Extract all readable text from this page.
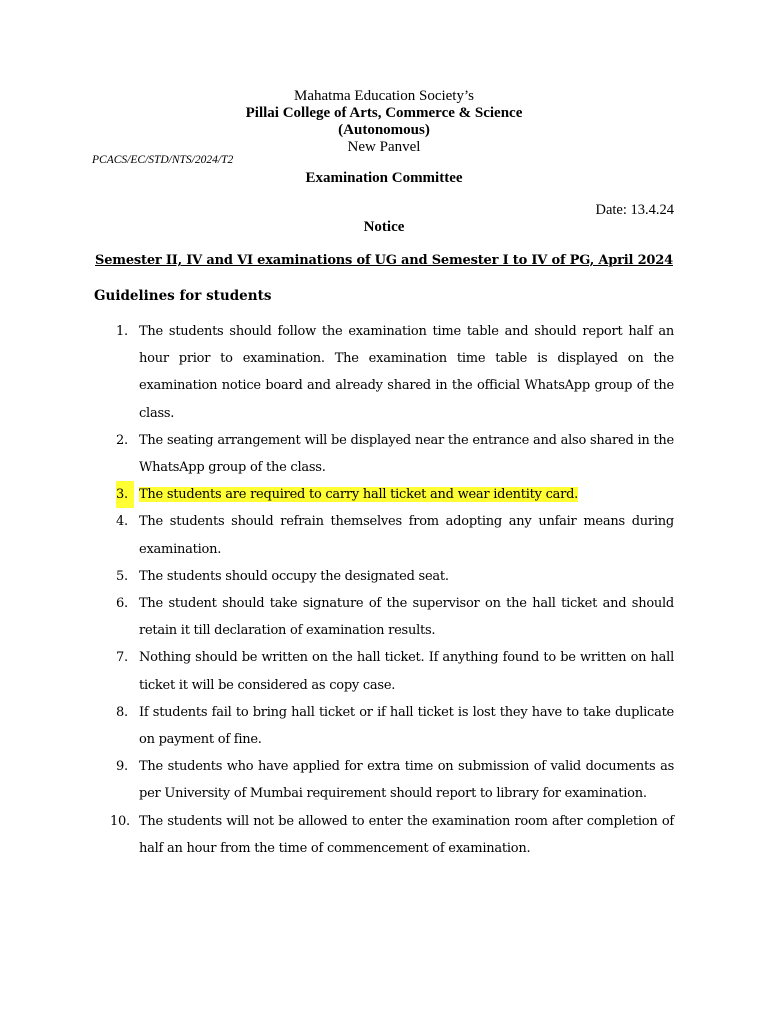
Mahatma Education Society’s
Pillai College of Arts, Commerce & Science
(Autonomous)
New Panvel
PCACS/EC/STD/NTS/2024/T2
Examination Committee
Date: 13.4.24
Notice
Semester II, IV and VI examinations of UG and Semester I to IV of PG, April 2024
Guidelines for students
1. The students should follow the examination time table and should report half an hour prior to examination. The examination time table is displayed on the examination notice board and already shared in the official WhatsApp group of the class.
2. The seating arrangement will be displayed near the entrance and also shared in the WhatsApp group of the class.
3. The students are required to carry hall ticket and wear identity card.
4. The students should refrain themselves from adopting any unfair means during examination.
5. The students should occupy the designated seat.
6. The student should take signature of the supervisor on the hall ticket and should retain it till declaration of examination results.
7. Nothing should be written on the hall ticket. If anything found to be written on hall ticket it will be considered as copy case.
8. If students fail to bring hall ticket or if hall ticket is lost they have to take duplicate on payment of fine.
9. The students who have applied for extra time on submission of valid documents as per University of Mumbai requirement should report to library for examination.
10. The students will not be allowed to enter the examination room after completion of half an hour from the time of commencement of examination.
